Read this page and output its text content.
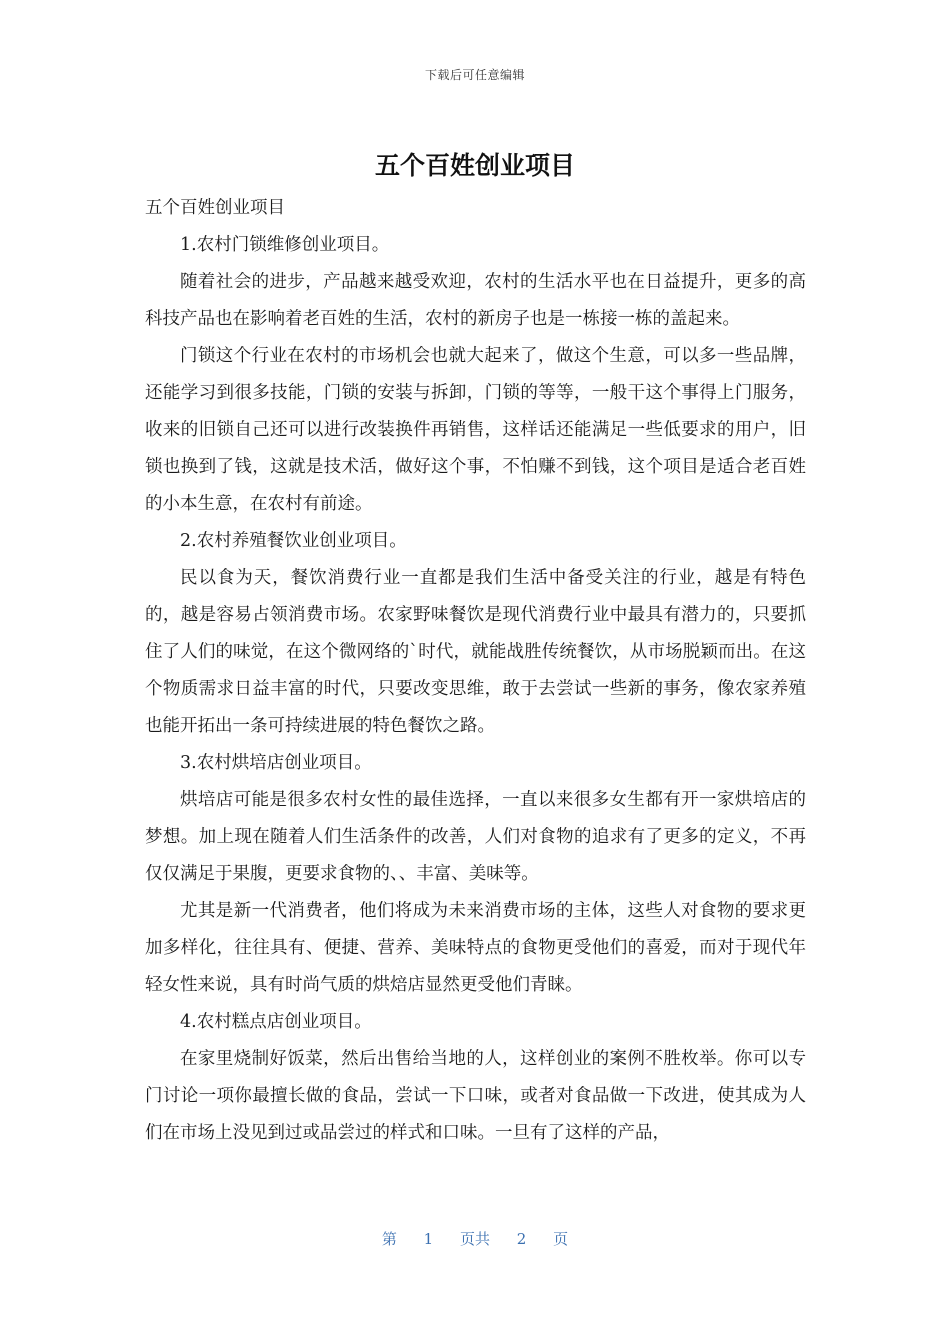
下载后可任意编辑
五个百姓创业项目

五个百姓创业项目

1.农村门锁维修创业项目。

随着社会的进步，产品越来越受欢迎，农村的生活水平也在日益提升，更多的高科技产品也在影响着老百姓的生活，农村的新房子也是一栋接一栋的盖起来。

门锁这个行业在农村的市场机会也就大起来了，做这个生意，可以多一些品牌，还能学习到很多技能，门锁的安装与拆卸，门锁的等等，一般干这个事得上门服务，收来的旧锁自己还可以进行改装换件再销售，这样话还能满足一些低要求的用户，旧锁也换到了钱，这就是技术活，做好这个事，不怕赚不到钱，这个项目是适合老百姓的小本生意，在农村有前途。

2.农村养殖餐饮业创业项目。

民以食为天，餐饮消费行业一直都是我们生活中备受关注的行业，越是有特色的，越是容易占领消费市场。农家野味餐饮是现代消费行业中最具有潜力的，只要抓住了人们的味觉，在这个微网络的`时代，就能战胜传统餐饮，从市场脱颖而出。在这个物质需求日益丰富的时代，只要改变思维，敢于去尝试一些新的事务，像农家养殖也能开拓出一条可持续进展的特色餐饮之路。

3.农村烘培店创业项目。

烘培店可能是很多农村女性的最佳选择，一直以来很多女生都有开一家烘培店的梦想。加上现在随着人们生活条件的改善，人们对食物的追求有了更多的定义，不再仅仅满足于果腹，更要求食物的、、丰富、美味等。

尤其是新一代消费者，他们将成为未来消费市场的主体，这些人对食物的要求更加多样化，往往具有、便捷、营养、美味特点的食物更受他们的喜爱，而对于现代年轻女性来说，具有时尚气质的烘焙店显然更受他们青睐。

4.农村糕点店创业项目。

在家里烧制好饭菜，然后出售给当地的人，这样创业的案例不胜枚举。你可以专门讨论一项你最擅长做的食品，尝试一下口味，或者对食品做一下改进，使其成为人们在市场上没见到过或品尝过的样式和口味。一旦有了这样的产品，

第 1 页共 2 页
